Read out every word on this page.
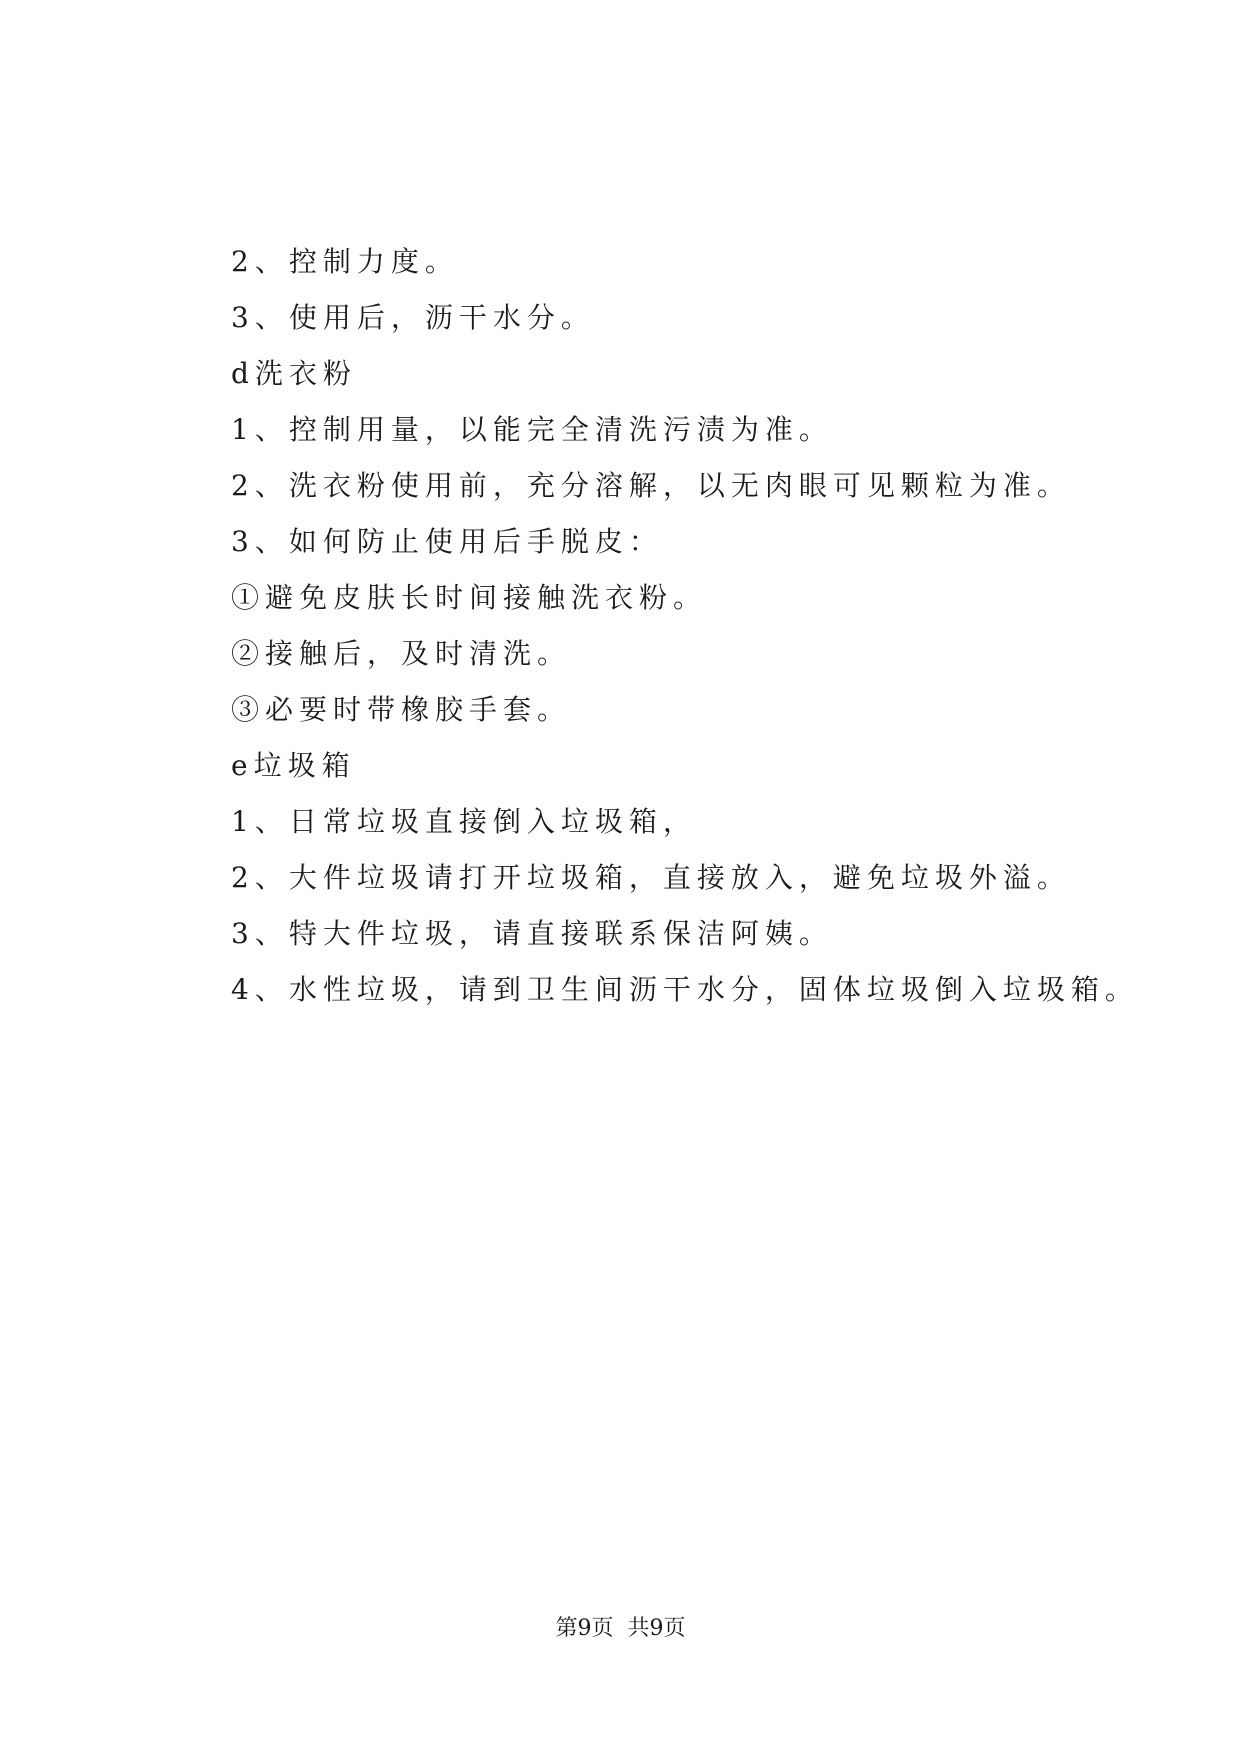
2、控制力度。
3、使用后，沥干水分。
d洗衣粉
1、控制用量，以能完全清洗污渍为准。
2、洗衣粉使用前，充分溶解，以无肉眼可见颗粒为准。
3、如何防止使用后手脱皮：
①避免皮肤长时间接触洗衣粉。
②接触后，及时清洗。
③必要时带橡胶手套。
e垃圾箱
1、日常垃圾直接倒入垃圾箱，
2、大件垃圾请打开垃圾箱，直接放入，避免垃圾外溢。
3、特大件垃圾，请直接联系保洁阿姨。
4、水性垃圾，请到卫生间沥干水分，固体垃圾倒入垃圾箱。
第9页 共9页
